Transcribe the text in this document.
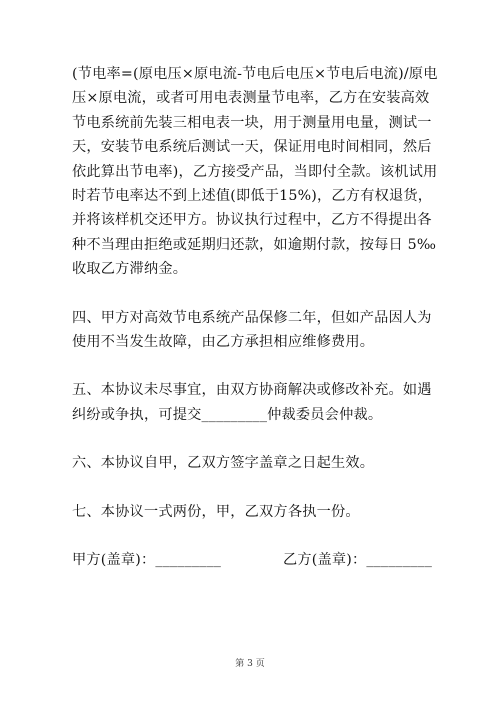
(节电率=(原电压×原电流-节电后电压×节电后电流)/原电压×原电流，或者可用电表测量节电率，乙方在安装高效节电系统前先装三相电表一块，用于测量用电量，测试一天，安装节电系统后测试一天，保证用电时间相同，然后依此算出节电率)，乙方接受产品，当即付全款。该机试用时若节电率达不到上述值(即低于15%)，乙方有权退货，并将该样机交还甲方。协议执行过程中，乙方不得提出各种不当理由拒绝或延期归还款，如逾期付款，按每日 5‰收取乙方滞纳金。

四、甲方对高效节电系统产品保修二年，但如产品因人为使用不当发生故障，由乙方承担相应维修费用。

五、本协议未尽事宜，由双方协商解决或修改补充。如遇纠纷或争执，可提交_________仲裁委员会仲裁。

六、本协议自甲，乙双方签字盖章之日起生效。

七、本协议一式两份，甲，乙双方各执一份。

甲方(盖章)：_________	乙方(盖章)：_________
第 3 页
